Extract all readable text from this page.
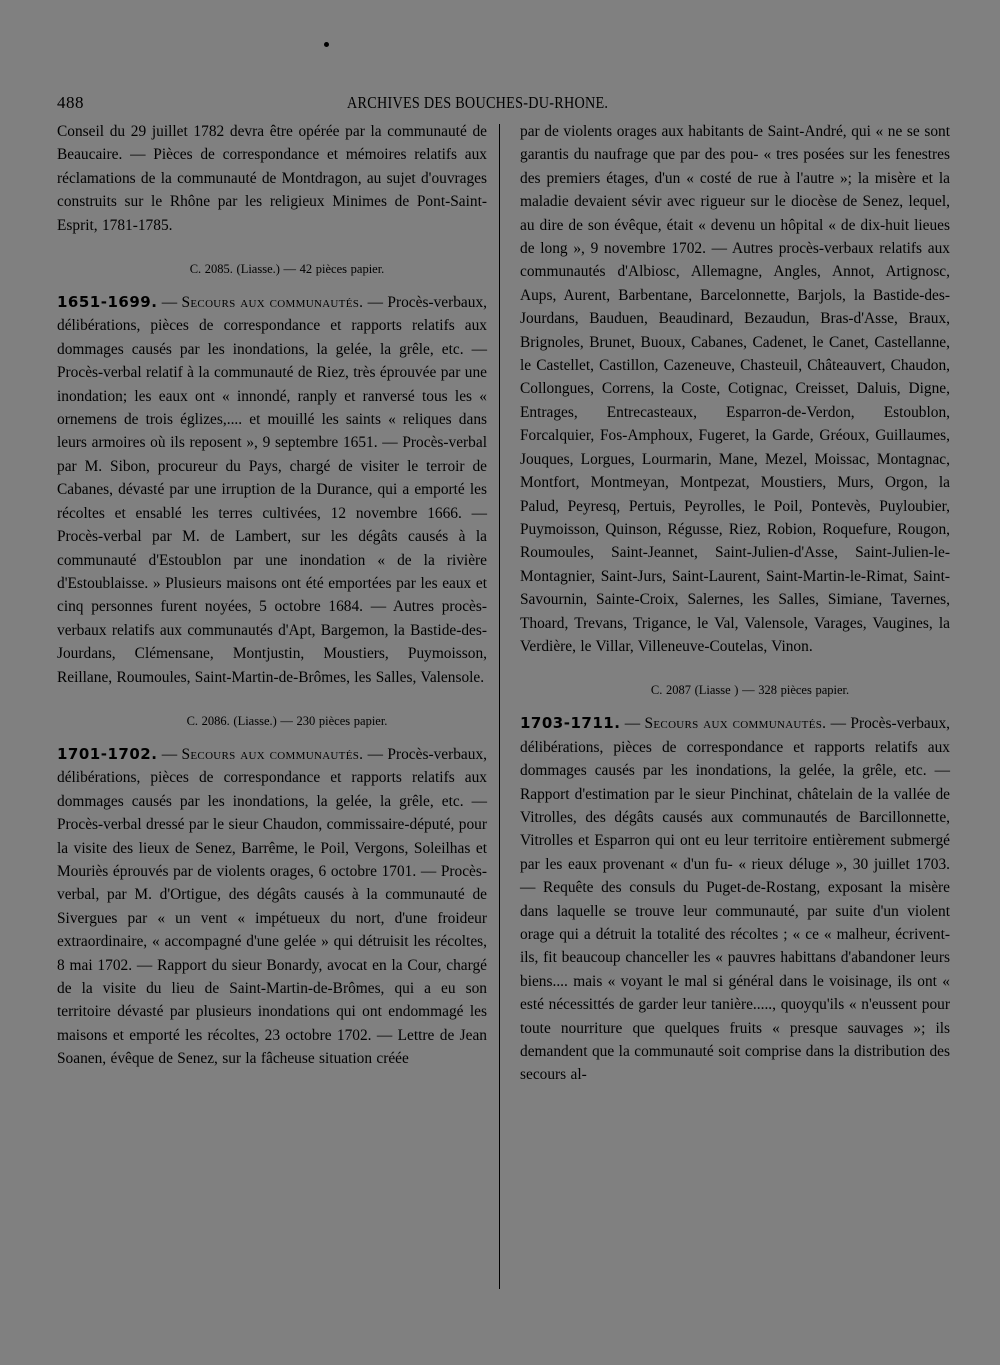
488	ARCHIVES DES BOUCHES-DU-RHONE.

Conseil du 29 juillet 1782 devra être opérée par la communauté de Beaucaire. — Pièces de correspondance et mémoires relatifs aux réclamations de la communauté de Montdragon, au sujet d'ouvrages construits sur le Rhône par les religieux Minimes de Pont-Saint-Esprit, 1781-1785.

C. 2085. (Liasse.) — 42 pièces papier.

1651-1699. — Secours aux communautés. — Procès-verbaux, délibérations, pièces de correspondance et rapports relatifs aux dommages causés par les inondations, la gelée, la grêle, etc. — Procès-verbal relatif à la communauté de Riez, très éprouvée par une inondation; les eaux ont « innondé, ranply et ranversé tous les « ornemens de trois églizes,.... et mouillé les saints « reliques dans leurs armoires où ils reposent », 9 septembre 1651. — Procès-verbal par M. Sibon, procureur du Pays, chargé de visiter le terroir de Cabanes, dévasté par une irruption de la Durance, qui a emporté les récoltes et ensablé les terres cultivées, 12 novembre 1666. — Procès-verbal par M. de Lambert, sur les dégâts causés à la communauté d'Estoublon par une inondation « de la rivière d'Estoublaisse. » Plusieurs maisons ont été emportées par les eaux et cinq personnes furent noyées, 5 octobre 1684. — Autres procès-verbaux relatifs aux communautés d'Apt, Bargemon, la Bastide-des-Jourdans, Clémensane, Montjustin, Moustiers, Puymoisson, Reillane, Roumoules, Saint-Martin-de-Brômes, les Salles, Valensole.

C. 2086. (Liasse.) — 230 pièces papier.

1701-1702. — Secours aux communautés. — Procès-verbaux, délibérations, pièces de correspondance et rapports relatifs aux dommages causés par les inondations, la gelée, la grêle, etc. — Procès-verbal dressé par le sieur Chaudon, commissaire-député, pour la visite des lieux de Senez, Barrême, le Poil, Vergons, Soleilhas et Mouriès éprouvés par de violents orages, 6 octobre 1701. — Procès-verbal, par M. d'Ortigue, des dégâts causés à la communauté de Sivergues par « un vent « impétueux du nort, d'une froideur extraordinaire, « accompagné d'une gelée » qui détruisit les récoltes, 8 mai 1702. — Rapport du sieur Bonardy, avocat en la Cour, chargé de la visite du lieu de Saint-Martin-de-Brômes, qui a eu son territoire dévasté par plusieurs inondations qui ont endommagé les maisons et emporté les récoltes, 23 octobre 1702. — Lettre de Jean Soanen, évêque de Senez, sur la fâcheuse situation créée

par de violents orages aux habitants de Saint-André, qui « ne se sont garantis du naufrage que par des pou- « tres posées sur les fenestres des premiers étages, d'un « costé de rue à l'autre »; la misère et la maladie devaient sévir avec rigueur sur le diocèse de Senez, lequel, au dire de son évêque, était « devenu un hôpital « de dix-huit lieues de long », 9 novembre 1702. — Autres procès-verbaux relatifs aux communautés d'Albiosc, Allemagne, Angles, Annot, Artignosc, Aups, Aurent, Barbentane, Barcelonnette, Barjols, la Bastide-des-Jourdans, Bauduen, Beaudinard, Bezaudun, Bras-d'Asse, Braux, Brignoles, Brunet, Buoux, Cabanes, Cadenet, le Canet, Castellanne, le Castellet, Castillon, Cazeneuve, Chasteuil, Châteauvert, Chaudon, Collongues, Correns, la Coste, Cotignac, Creisset, Daluis, Digne, Entrages, Entrecasteaux, Esparron-de-Verdon, Estoublon, Forcalquier, Fos-Amphoux, Fugeret, la Garde, Gréoux, Guillaumes, Jouques, Lorgues, Lourmarin, Mane, Mezel, Moissac, Montagnac, Montfort, Montmeyan, Montpezat, Moustiers, Murs, Orgon, la Palud, Peyresq, Pertuis, Peyrolles, le Poil, Pontevès, Puyloubier, Puymoisson, Quinson, Régusse, Riez, Robion, Roquefure, Rougon, Roumoules, Saint-Jeannet, Saint-Julien-d'Asse, Saint-Julien-le-Montagnier, Saint-Jurs, Saint-Laurent, Saint-Martin-le-Rimat, Saint-Savournin, Sainte-Croix, Salernes, les Salles, Simiane, Tavernes, Thoard, Trevans, Trigance, le Val, Valensole, Varages, Vaugines, la Verdière, le Villar, Villeneuve-Coutelas, Vinon.

C. 2087 (Liasse ) — 328 pièces papier.

1703-1711. — Secours aux communautés. — Procès-verbaux, délibérations, pièces de correspondance et rapports relatifs aux dommages causés par les inondations, la gelée, la grêle, etc. — Rapport d'estimation par le sieur Pinchinat, châtelain de la vallée de Vitrolles, des dégâts causés aux communautés de Barcillonnette, Vitrolles et Esparron qui ont eu leur territoire entièrement submergé par les eaux provenant « d'un fu- « rieux déluge », 30 juillet 1703. — Requête des consuls du Puget-de-Rostang, exposant la misère dans laquelle se trouve leur communauté, par suite d'un violent orage qui a détruit la totalité des récoltes ; « ce « malheur, écrivent-ils, fit beaucoup chanceller les « pauvres habittans d'abandoner leurs biens.... mais « voyant le mal si général dans le voisinage, ils ont « esté nécessittés de garder leur tanière....., quoyqu'ils « n'eussent pour toute nourriture que quelques fruits « presque sauvages »; ils demandent que la communauté soit comprise dans la distribution des secours al-
